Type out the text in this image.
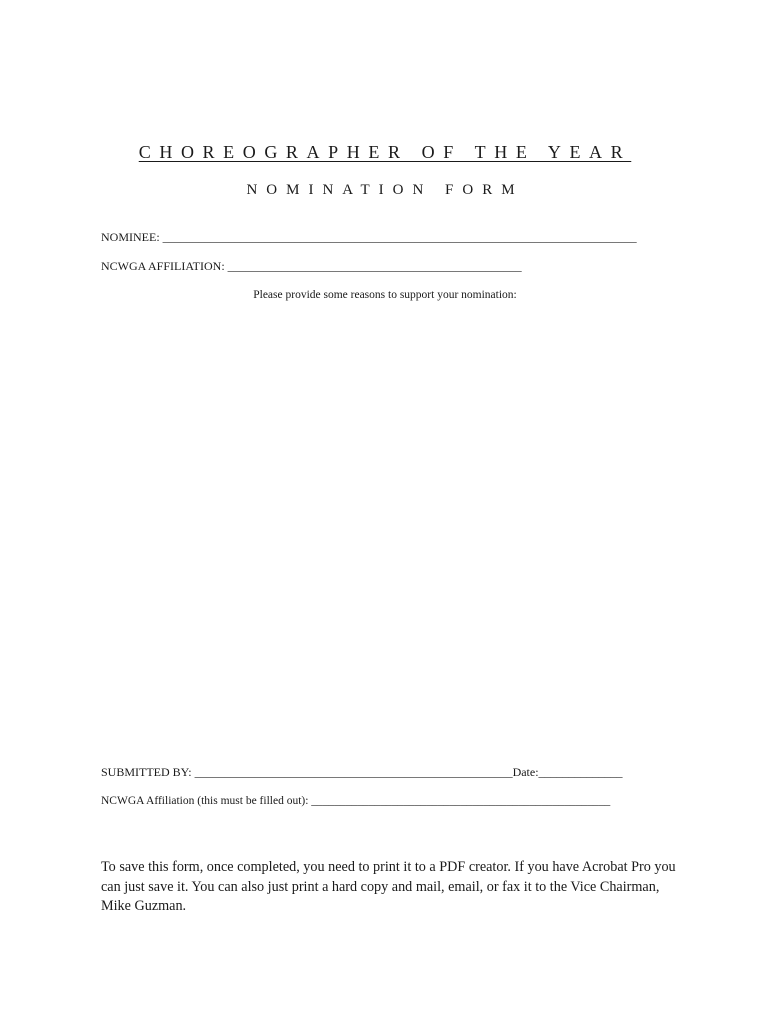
CHOREOGRAPHER OF THE YEAR
NOMINATION FORM
NOMINEE: _______________________________________________________________________________
NCWGA AFFILIATION: _________________________________________________
Please provide some reasons to support your nomination:
SUBMITTED BY: _____________________________________________________Date:______________
NCWGA Affiliation (this must be filled out): ____________________________________________________
To save this form, once completed, you need to print it to a PDF creator. If you have Acrobat Pro you can just save it. You can also just print a hard copy and mail, email, or fax it to the Vice Chairman, Mike Guzman.
